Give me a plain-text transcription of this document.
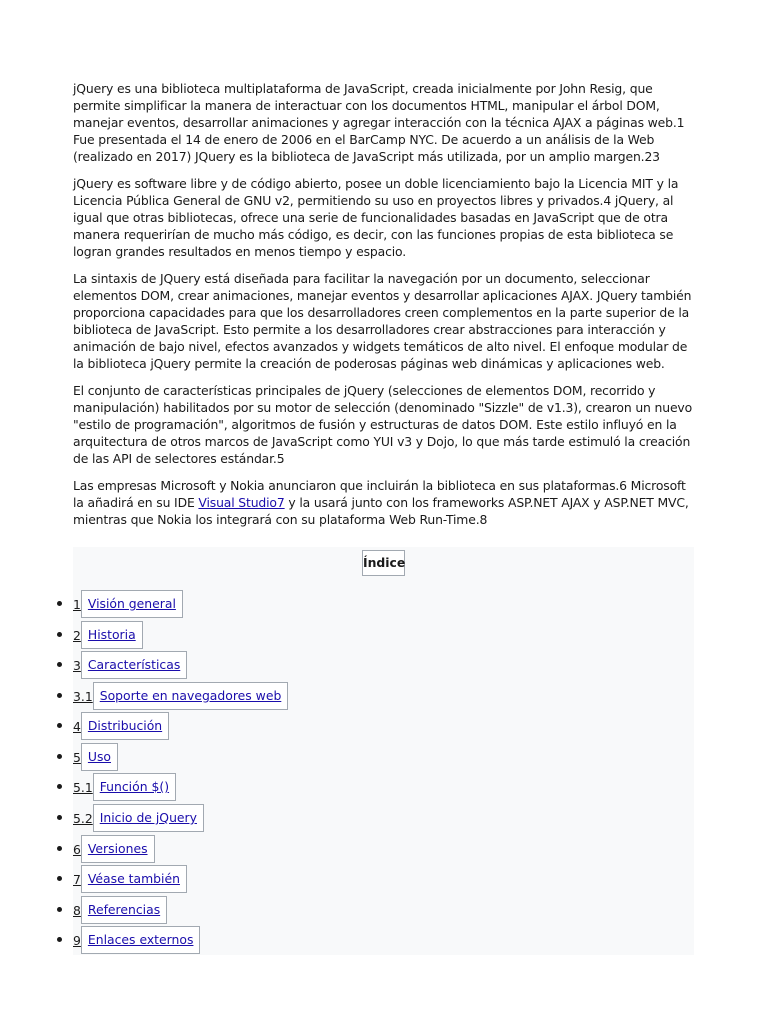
jQuery es una biblioteca multiplataforma de JavaScript, creada inicialmente por John Resig, que permite simplificar la manera de interactuar con los documentos HTML, manipular el árbol DOM, manejar eventos, desarrollar animaciones y agregar interacción con la técnica AJAX a páginas web.1 Fue presentada el 14 de enero de 2006 en el BarCamp NYC. De acuerdo a un análisis de la Web (realizado en 2017) JQuery es la biblioteca de JavaScript más utilizada, por un amplio margen.23

jQuery es software libre y de código abierto, posee un doble licenciamiento bajo la Licencia MIT y la Licencia Pública General de GNU v2, permitiendo su uso en proyectos libres y privados.4 jQuery, al igual que otras bibliotecas, ofrece una serie de funcionalidades basadas en JavaScript que de otra manera requerirían de mucho más código, es decir, con las funciones propias de esta biblioteca se logran grandes resultados en menos tiempo y espacio.

La sintaxis de JQuery está diseñada para facilitar la navegación por un documento, seleccionar elementos DOM, crear animaciones, manejar eventos y desarrollar aplicaciones AJAX. JQuery también proporciona capacidades para que los desarrolladores creen complementos en la parte superior de la biblioteca de JavaScript. Esto permite a los desarrolladores crear abstracciones para interacción y animación de bajo nivel, efectos avanzados y widgets temáticos de alto nivel. El enfoque modular de la biblioteca jQuery permite la creación de poderosas páginas web dinámicas y aplicaciones web.

El conjunto de características principales de jQuery (selecciones de elementos DOM, recorrido y manipulación) habilitados por su motor de selección (denominado "Sizzle" de v1.3), crearon un nuevo "estilo de programación", algoritmos de fusión y estructuras de datos DOM. Este estilo influyó en la arquitectura de otros marcos de JavaScript como YUI v3 y Dojo, lo que más tarde estimuló la creación de las API de selectores estándar.5

Las empresas Microsoft y Nokia anunciaron que incluirán la biblioteca en sus plataformas.6 Microsoft la añadirá en su IDE Visual Studio7 y la usará junto con los frameworks ASP.NET AJAX y ASP.NET MVC, mientras que Nokia los integrará con su plataforma Web Run-Time.8

Índice
1 Visión general
2 Historia
3 Características
3.1 Soporte en navegadores web
4 Distribución
5 Uso
5.1 Función $()
5.2 Inicio de jQuery
6 Versiones
7 Véase también
8 Referencias
9 Enlaces externos
